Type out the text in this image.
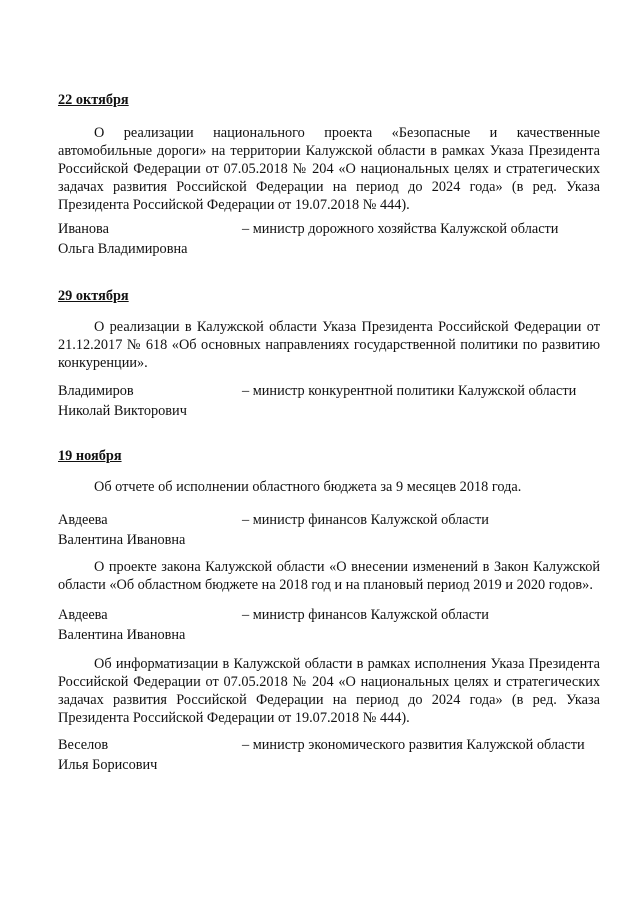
22 октября

О реализации национального проекта «Безопасные и качественные автомобильные дороги» на территории Калужской области в рамках Указа Президента Российской Федерации от 07.05.2018 № 204 «О национальных целях и стратегических задачах развития Российской Федерации на период до 2024 года» (в ред. Указа Президента Российской Федерации от 19.07.2018 № 444).

Иванова
Ольга Владимировна
– министр дорожного хозяйства Калужской области
29 октября

О реализации в Калужской области Указа Президента Российской Федерации от 21.12.2017 № 618 «Об основных направлениях государственной политики по развитию конкуренции».

Владимиров
Николай Викторович
– министр конкурентной политики Калужской области
19 ноября

Об отчете об исполнении областного бюджета за 9 месяцев 2018 года.

Авдеева
Валентина Ивановна
– министр финансов Калужской области

О проекте закона Калужской области «О внесении изменений в Закон Калужской области «Об областном бюджете на 2018 год и на плановый период 2019 и 2020 годов».

Авдеева
Валентина Ивановна
– министр финансов Калужской области

Об информатизации в Калужской области в рамках исполнения Указа Президента Российской Федерации от 07.05.2018 № 204 «О национальных целях и стратегических задачах развития Российской Федерации на период до 2024 года» (в ред. Указа Президента Российской Федерации от 19.07.2018 № 444).

Веселов
Илья Борисович
– министр экономического развития Калужской области
